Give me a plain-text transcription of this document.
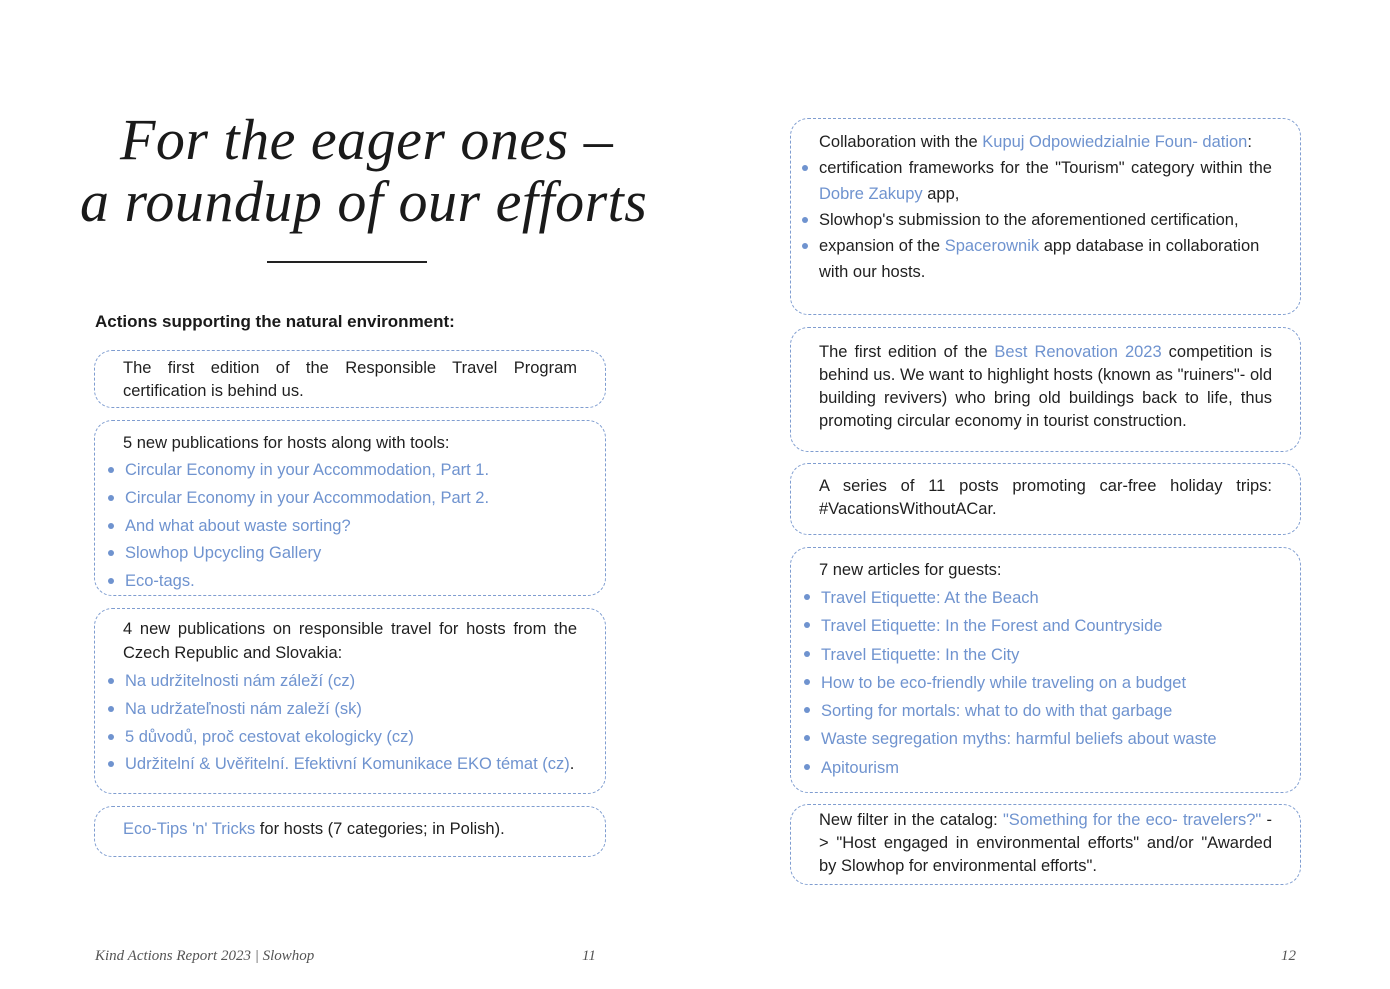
For the eager ones –
a roundup of our efforts
Actions supporting the natural environment:
The first edition of the Responsible Travel Program certification is behind us.
5 new publications for hosts along with tools:
Circular Economy in your Accommodation, Part 1.
Circular Economy in your Accommodation, Part 2.
And what about waste sorting?
Slowhop Upcycling Gallery
Eco-tags.
4 new publications on responsible travel for hosts from the Czech Republic and Slovakia:
Na udržitelnosti nám záleží (cz)
Na udržateľnosti nám zaleží (sk)
5 důvodů, proč cestovat ekologicky (cz)
Udržitelní & Uvěřitelní. Efektivní Komunikace EKO témat (cz).
Eco-Tips 'n' Tricks for hosts (7 categories; in Polish).
Collaboration with the Kupuj Odpowiedzialnie Foun- dation:
certification frameworks for the "Tourism" category within the Dobre Zakupy app,
Slowhop's submission to the aforementioned certification,
expansion of the Spacerownik app database in collaboration with our hosts.
The first edition of the Best Renovation 2023 competition is behind us. We want to highlight hosts (known as "ruiners"- old building revivers) who bring old buildings back to life, thus promoting circular economy in tourist construction.
A series of 11 posts promoting car-free holiday trips: #VacationsWithoutACar.
7 new articles for guests:
Travel Etiquette: At the Beach
Travel Etiquette: In the Forest and Countryside
Travel Etiquette: In the City
How to be eco-friendly while traveling on a budget
Sorting for mortals: what to do with that garbage
Waste segregation myths: harmful beliefs about waste
Apitourism
New filter in the catalog: "Something for the eco- travelers?" -> "Host engaged in environmental efforts" and/or "Awarded by Slowhop for environmental efforts".
Kind Actions Report 2023 | Slowhop	11	12
